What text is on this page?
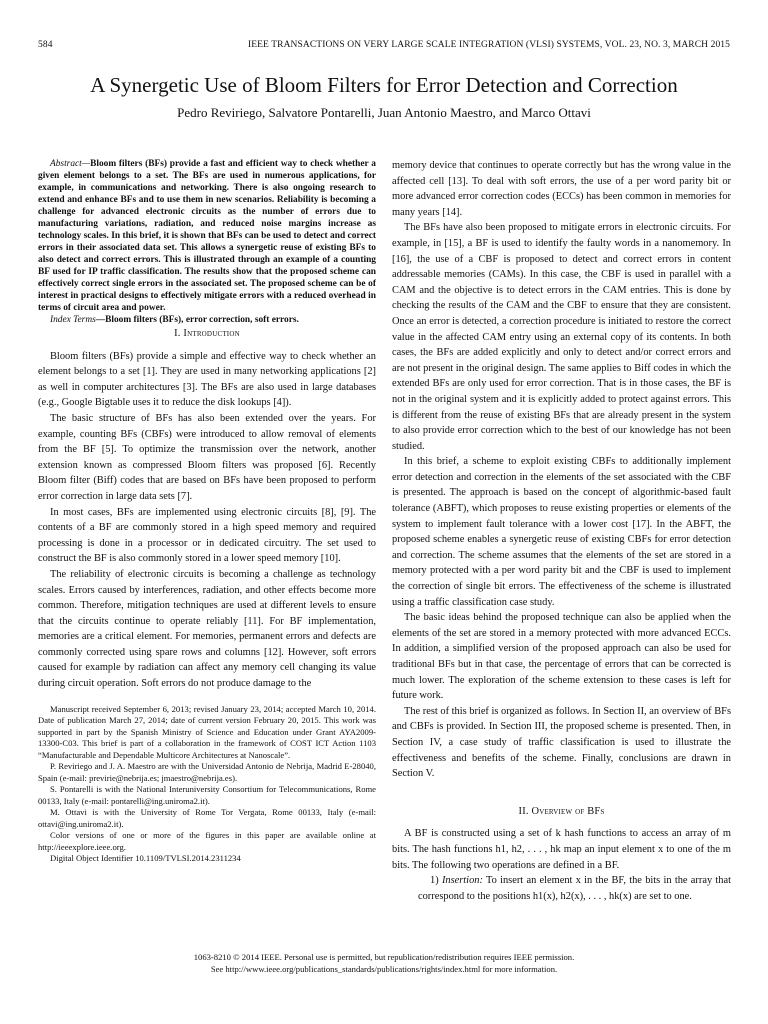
584	IEEE TRANSACTIONS ON VERY LARGE SCALE INTEGRATION (VLSI) SYSTEMS, VOL. 23, NO. 3, MARCH 2015
A Synergetic Use of Bloom Filters for Error Detection and Correction
Pedro Reviriego, Salvatore Pontarelli, Juan Antonio Maestro, and Marco Ottavi

Abstract—Bloom filters (BFs) provide a fast and efficient way to check whether a given element belongs to a set. The BFs are used in numerous applications, for example, in communications and networking. There is also ongoing research to extend and enhance BFs and to use them in new scenarios. Reliability is becoming a challenge for advanced electronic circuits as the number of errors due to manufacturing variations, radiation, and reduced noise margins increase as technology scales. In this brief, it is shown that BFs can be used to detect and correct errors in their associated data set. This allows a synergetic reuse of existing BFs to also detect and correct errors. This is illustrated through an example of a counting BF used for IP traffic classification. The results show that the proposed scheme can effectively correct single errors in the associated set. The proposed scheme can be of interest in practical designs to effectively mitigate errors with a reduced overhead in terms of circuit area and power.

Index Terms—Bloom filters (BFs), error correction, soft errors.

I. Introduction

Bloom filters (BFs) provide a simple and effective way to check whether an element belongs to a set [1]. They are used in many networking applications [2] as well in computer architectures [3]. The BFs are also used in large databases (e.g., Google Bigtable uses it to reduce the disk lookups [4]).

The basic structure of BFs has also been extended over the years. For example, counting BFs (CBFs) were introduced to allow removal of elements from the BF [5]. To optimize the transmission over the network, another extension known as compressed Bloom filters was proposed [6]. Recently Bloom filter (Biff) codes that are based on BFs have been proposed to perform error correction in large data sets [7].

In most cases, BFs are implemented using electronic circuits [8], [9]. The contents of a BF are commonly stored in a high speed memory and required processing is done in a processor or in dedicated circuitry. The set used to construct the BF is also commonly stored in a lower speed memory [10].

The reliability of electronic circuits is becoming a challenge as technology scales. Errors caused by interferences, radiation, and other effects become more common. Therefore, mitigation techniques are used at different levels to ensure that the circuits continue to operate reliably [11]. For BF implementation, memories are a critical element. For memories, permanent errors and defects are commonly corrected using spare rows and columns [12]. However, soft errors caused for example by radiation can affect any memory cell changing its value during circuit operation. Soft errors do not produce damage to the

Manuscript received September 6, 2013; revised January 23, 2014; accepted March 10, 2014. Date of publication March 27, 2014; date of current version February 20, 2015. This work was supported in part by the Spanish Ministry of Science and Education under Grant AYA2009-13300-C03. This brief is part of a collaboration in the framework of COST ICT Action 1103 “Manufacturable and Dependable Multicore Architectures at Nanoscale”.

P. Reviriego and J. A. Maestro are with the Universidad Antonio de Nebrija, Madrid E-28040, Spain (e-mail: previrie@nebrija.es; jmaestro@nebrija.es).

S. Pontarelli is with the National Interuniversity Consortium for Telecommunications, Rome 00133, Italy (e-mail: pontarelli@ing.uniroma2.it).

M. Ottavi is with the University of Rome Tor Vergata, Rome 00133, Italy (e-mail: ottavi@ing.uniroma2.it).

Color versions of one or more of the figures in this paper are available online at http://ieeexplore.ieee.org.

Digital Object Identifier 10.1109/TVLSI.2014.2311234

memory device that continues to operate correctly but has the wrong value in the affected cell [13]. To deal with soft errors, the use of a per word parity bit or more advanced error correction codes (ECCs) has been common in memories for many years [14].

The BFs have also been proposed to mitigate errors in electronic circuits. For example, in [15], a BF is used to identify the faulty words in a nanomemory. In [16], the use of a CBF is proposed to detect and correct errors in content addressable memories (CAMs). In this case, the CBF is used in parallel with a CAM and the objective is to detect errors in the CAM entries. This is done by checking the results of the CAM and the CBF to ensure that they are consistent. Once an error is detected, a correction procedure is initiated to restore the correct value in the affected CAM entry using an external copy of its contents. In both cases, the BFs are added explicitly and only to detect and/or correct errors and are not present in the original design. The same applies to Biff codes in which the extended BFs are only used for error correction. That is in those cases, the BF is not in the original system and it is explicitly added to protect against errors. This is different from the reuse of existing BFs that are already present in the system to also provide error correction which to the best of our knowledge has not been studied.

In this brief, a scheme to exploit existing CBFs to additionally implement error detection and correction in the elements of the set associated with the CBF is presented. The approach is based on the concept of algorithmic-based fault tolerance (ABFT), which proposes to reuse existing properties or elements of the system to implement fault tolerance with a lower cost [17]. In the ABFT, the proposed scheme enables a synergetic reuse of existing CBFs for error detection and correction. The scheme assumes that the elements of the set are stored in a memory protected with a per word parity bit and the CBF is used to implement the correction of single bit errors. The effectiveness of the scheme is illustrated using a traffic classification case study.

The basic ideas behind the proposed technique can also be applied when the elements of the set are stored in a memory protected with more advanced ECCs. In addition, a simplified version of the proposed approach can also be used for traditional BFs but in that case, the percentage of errors that can be corrected is much lower. The exploration of the scheme extension to these cases is left for future work.

The rest of this brief is organized as follows. In Section II, an overview of BFs and CBFs is provided. In Section III, the proposed scheme is presented. Then, in Section IV, a case study of traffic classification is used to illustrate the effectiveness and benefits of the scheme. Finally, conclusions are drawn in Section V.

II. Overview of BFs

A BF is constructed using a set of k hash functions to access an array of m bits. The hash functions h1, h2, . . . , hk map an input element x to one of the m bits. The following two operations are defined in a BF.

1) Insertion: To insert an element x in the BF, the bits in the array that correspond to the positions h1(x), h2(x), . . . , hk(x) are set to one.

1063-8210 © 2014 IEEE. Personal use is permitted, but republication/redistribution requires IEEE permission.
See http://www.ieee.org/publications_standards/publications/rights/index.html for more information.
